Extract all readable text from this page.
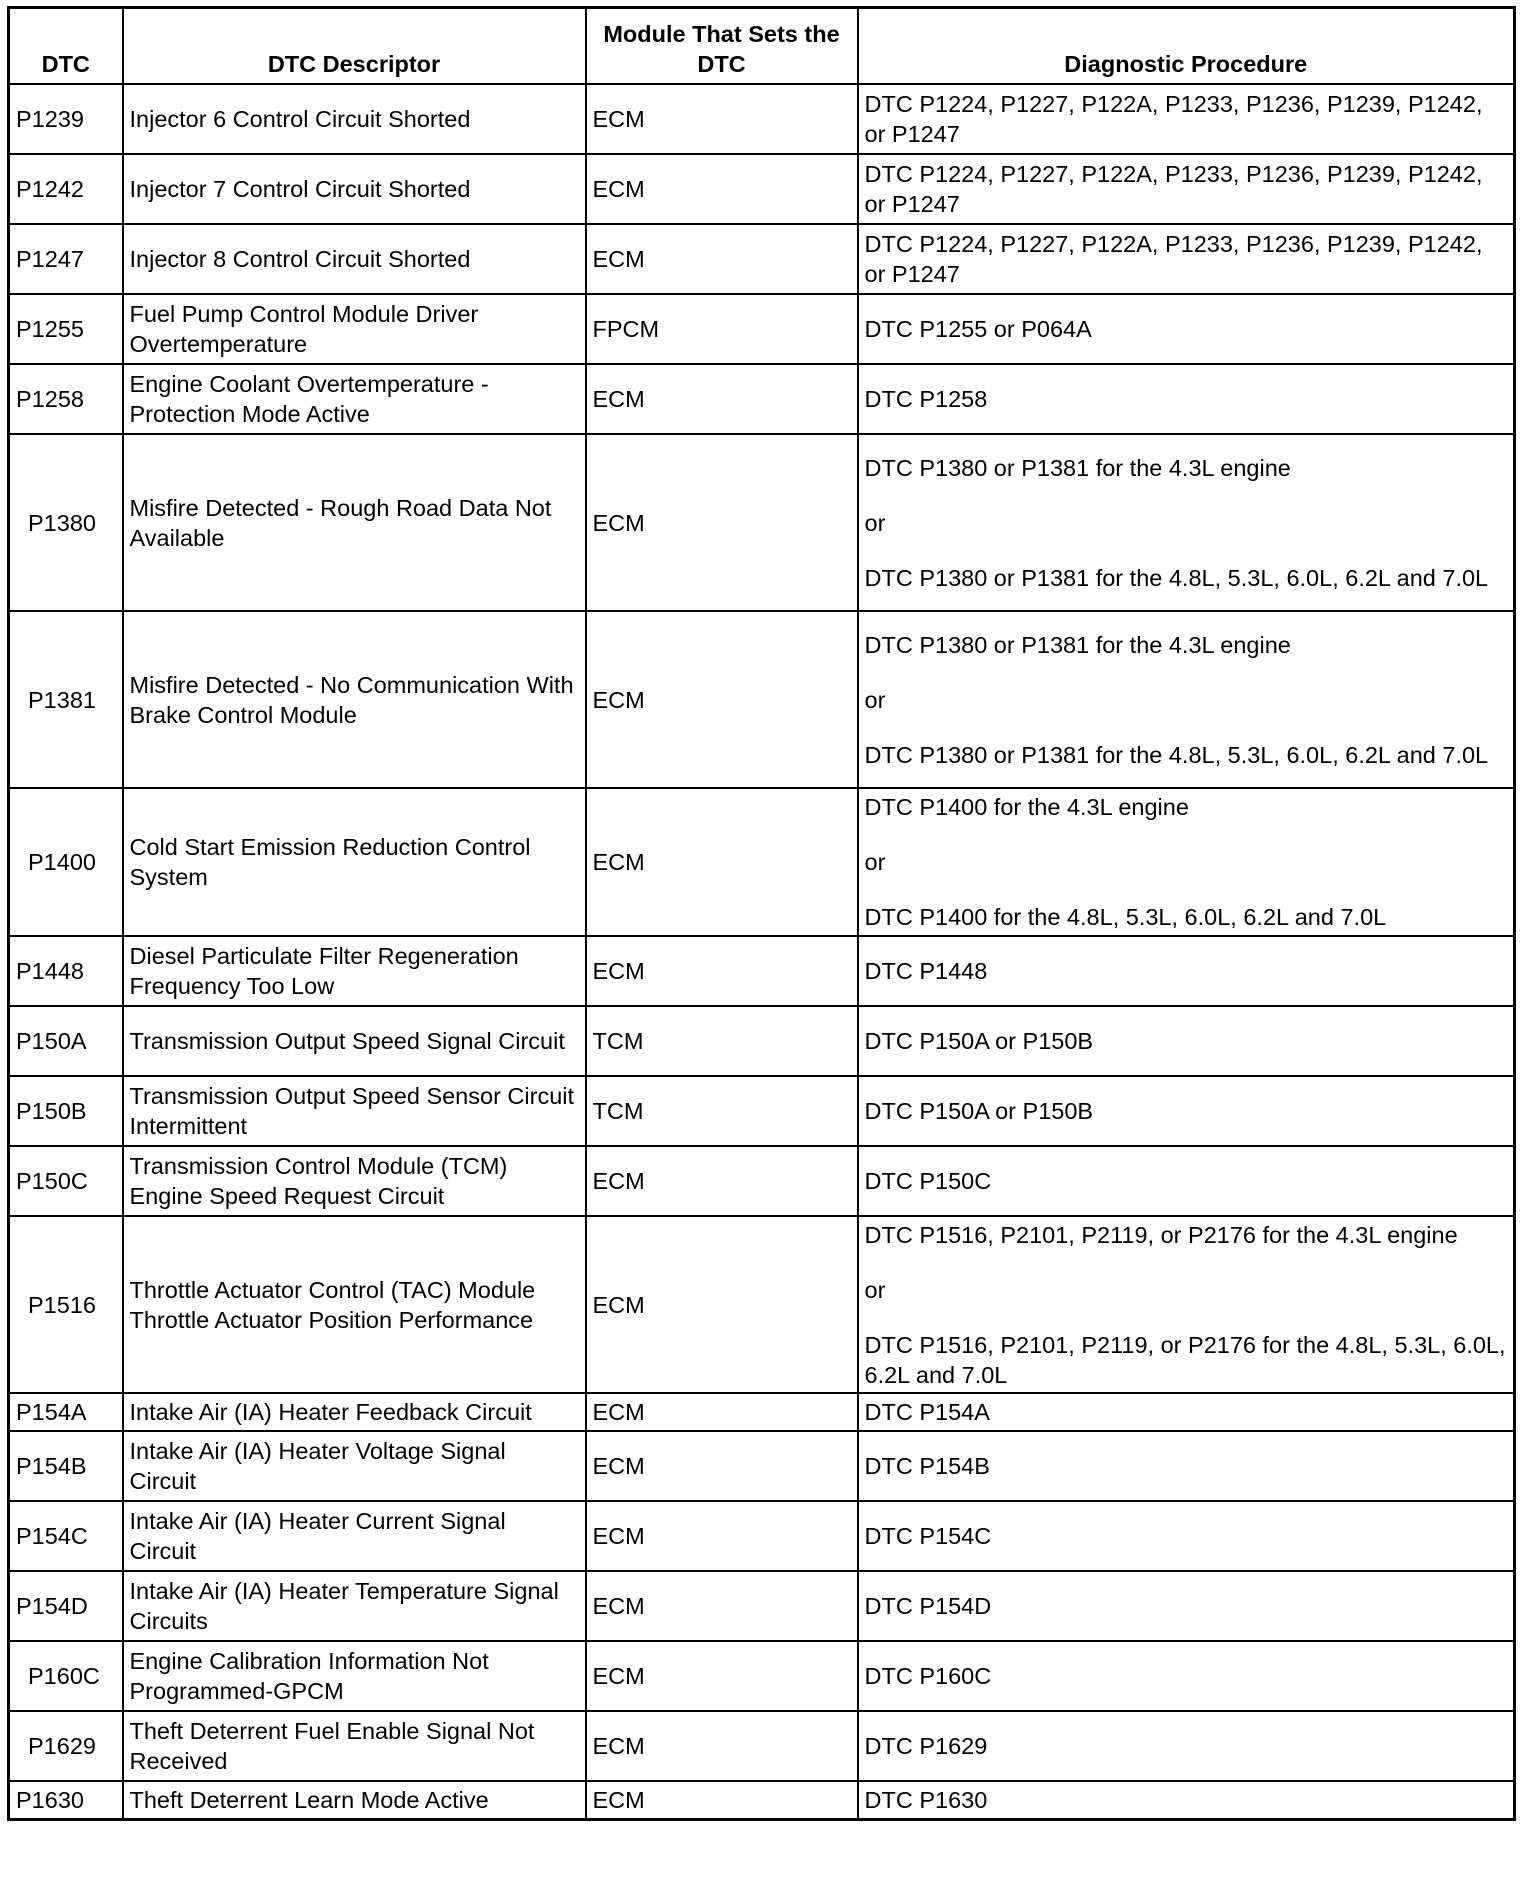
DTC	DTC Descriptor	Module That Sets the DTC	Diagnostic Procedure
P1239	Injector 6 Control Circuit Shorted	ECM	DTC P1224, P1227, P122A, P1233, P1236, P1239, P1242, or P1247

P1242	Injector 7 Control Circuit Shorted	ECM	DTC P1224, P1227, P122A, P1233, P1236, P1239, P1242, or P1247

P1247	Injector 8 Control Circuit Shorted	ECM	DTC P1224, P1227, P122A, P1233, P1236, P1239, P1242, or P1247

P1255	Fuel Pump Control Module Driver Overtemperature	FPCM	DTC P1255 or P064A

P1258	Engine Coolant Overtemperature - Protection Mode Active	ECM	DTC P1258

P1380	Misfire Detected - Rough Road Data Not Available	ECM	DTC P1380 or P1381 for the 4.3L engine
or
DTC P1380 or P1381 for the 4.8L, 5.3L, 6.0L, 6.2L and 7.0L

P1381	Misfire Detected - No Communication With Brake Control Module	ECM	DTC P1380 or P1381 for the 4.3L engine
or
DTC P1380 or P1381 for the 4.8L, 5.3L, 6.0L, 6.2L and 7.0L

P1400	Cold Start Emission Reduction Control System	ECM	DTC P1400 for the 4.3L engine
or
DTC P1400 for the 4.8L, 5.3L, 6.0L, 6.2L and 7.0L

P1448	Diesel Particulate Filter Regeneration Frequency Too Low	ECM	DTC P1448

P150A	Transmission Output Speed Signal Circuit	TCM	DTC P150A or P150B

P150B	Transmission Output Speed Sensor Circuit Intermittent	TCM	DTC P150A or P150B

P150C	Transmission Control Module (TCM) Engine Speed Request Circuit	ECM	DTC P150C

P1516	Throttle Actuator Control (TAC) Module Throttle Actuator Position Performance	ECM	DTC P1516, P2101, P2119, or P2176 for the 4.3L engine
or
DTC P1516, P2101, P2119, or P2176 for the 4.8L, 5.3L, 6.0L, 6.2L and 7.0L

P154A	Intake Air (IA) Heater Feedback Circuit	ECM	DTC P154A

P154B	Intake Air (IA) Heater Voltage Signal Circuit	ECM	DTC P154B

P154C	Intake Air (IA) Heater Current Signal Circuit	ECM	DTC P154C

P154D	Intake Air (IA) Heater Temperature Signal Circuits	ECM	DTC P154D

P160C	Engine Calibration Information Not Programmed-GPCM	ECM	DTC P160C

P1629	Theft Deterrent Fuel Enable Signal Not Received	ECM	DTC P1629

P1630	Theft Deterrent Learn Mode Active	ECM	DTC P1630
